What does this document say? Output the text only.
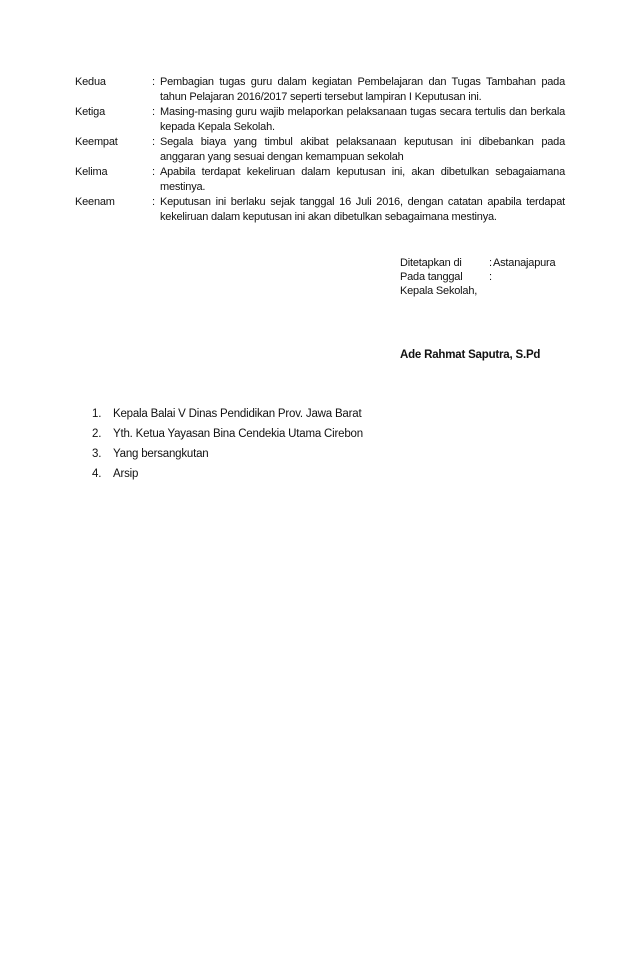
Kedua	: Pembagian tugas guru dalam kegiatan Pembelajaran dan Tugas Tambahan pada tahun Pelajaran 2016/2017 seperti tersebut lampiran I Keputusan ini.
Ketiga	: Masing-masing guru wajib melaporkan pelaksanaan tugas secara tertulis dan berkala kepada Kepala Sekolah.
Keempat	: Segala biaya yang timbul akibat pelaksanaan keputusan ini dibebankan pada anggaran yang sesuai dengan kemampuan sekolah
Kelima	: Apabila terdapat kekeliruan dalam keputusan ini, akan dibetulkan sebagaiamana mestinya.
Keenam	: Keputusan ini berlaku sejak tanggal 16 Juli 2016, dengan catatan apabila terdapat kekeliruan dalam keputusan ini akan dibetulkan sebagaimana mestinya.
Ditetapkan di : Astanajapura
Pada tanggal :
Kepala Sekolah,
Ade Rahmat Saputra, S.Pd
1. Kepala Balai V Dinas Pendidikan Prov. Jawa Barat
2. Yth. Ketua Yayasan Bina Cendekia Utama Cirebon
3. Yang bersangkutan
4. Arsip
